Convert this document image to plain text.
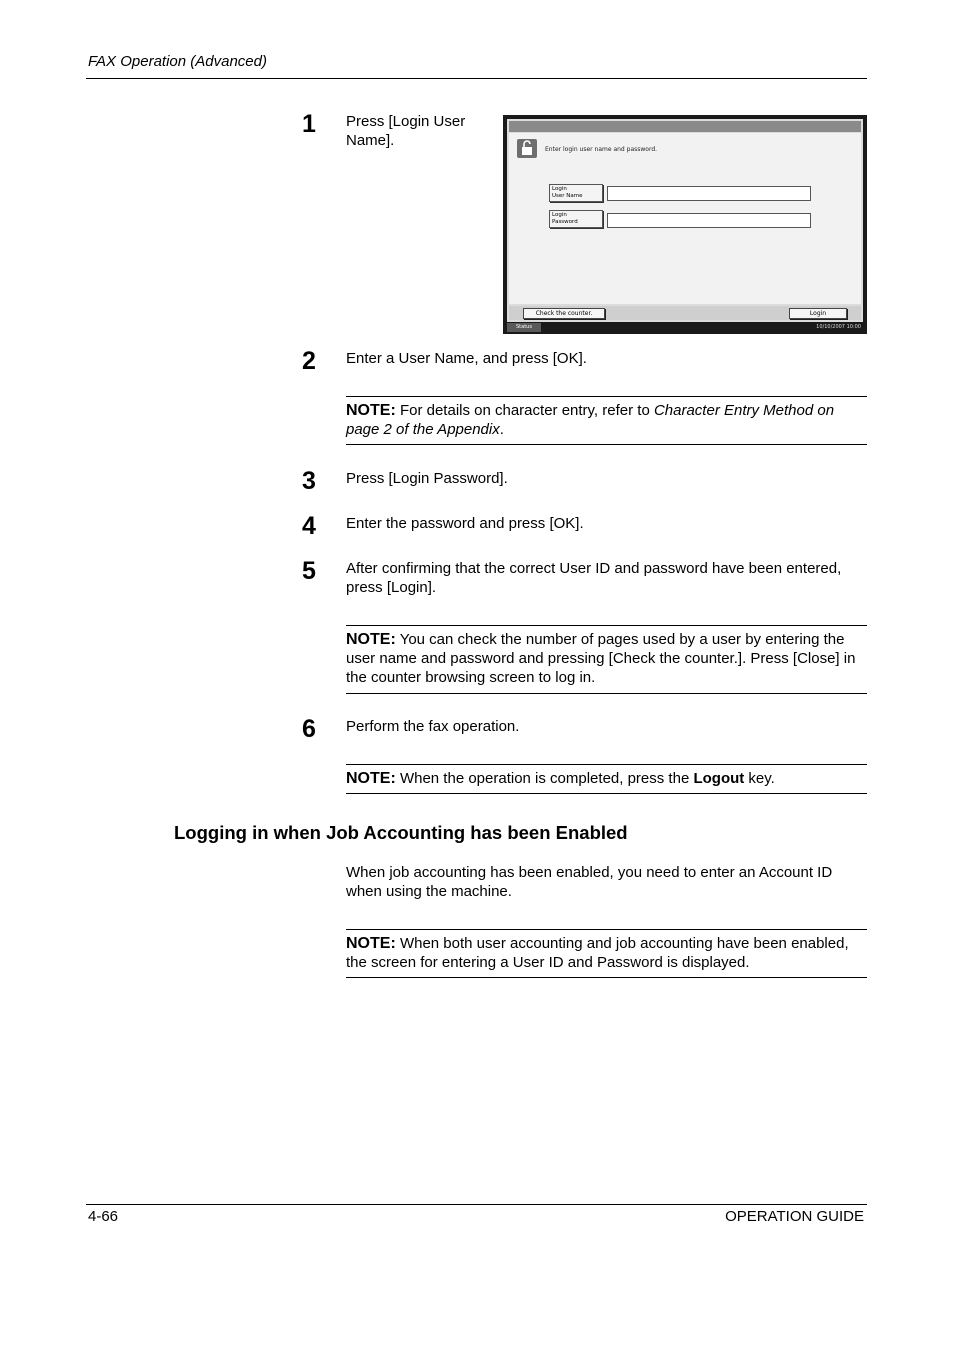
FAX Operation (Advanced)
1 Press [Login User Name].
Enter login user name and password.
Login
User Name
Login
Password
Check the counter.	Login
Status	10/10/2007 10:00
2 Enter a User Name, and press [OK].
NOTE: For details on character entry, refer to Character Entry Method on page 2 of the Appendix.
3 Press [Login Password].
4 Enter the password and press [OK].
5 After confirming that the correct User ID and password have been entered, press [Login].
NOTE: You can check the number of pages used by a user by entering the user name and password and pressing [Check the counter.]. Press [Close] in the counter browsing screen to log in.
6 Perform the fax operation.
NOTE: When the operation is completed, press the Logout key.
Logging in when Job Accounting has been Enabled
When job accounting has been enabled, you need to enter an Account ID when using the machine.
NOTE: When both user accounting and job accounting have been enabled, the screen for entering a User ID and Password is displayed.
4-66	OPERATION GUIDE
